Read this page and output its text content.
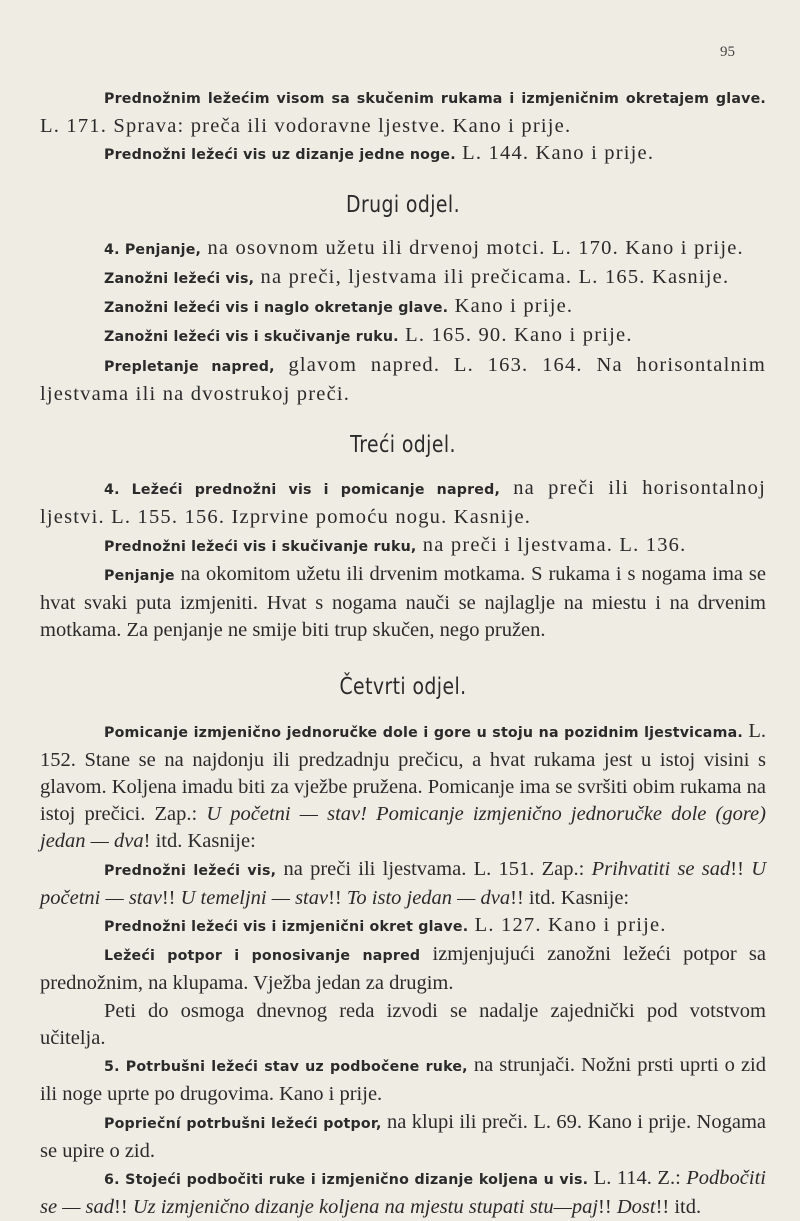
95

Prednožnim ležećim visom sa skučenim rukama i izmjeničnim okretajem glave. L. 171. Sprava: preča ili vodoravne ljestve. Kano i prije.

Prednožni ležeći vis uz dizanje jedne noge. L. 144. Kano i prije.

Drugi odjel.

4. Penjanje, na osovnom užetu ili drvenoj motci. L. 170. Kano i prije.

Zanožni ležeći vis, na preči, ljestvama ili prečicama. L. 165. Kasnije.

Zanožni ležeći vis i naglo okretanje glave. Kano i prije.

Zanožni ležeći vis i skučivanje ruku. L. 165. 90. Kano i prije.

Prepletanje napred, glavom napred. L. 163. 164. Na horisontalnim ljestvama ili na dvostrukoj preči.

Treći odjel.

4. Ležeći prednožni vis i pomicanje napred, na preči ili horisontalnoj ljestvi. L. 155. 156. Izprvine pomoću nogu. Kasnije.

Prednožni ležeći vis i skučivanje ruku, na preči i ljestvama. L. 136.

Penjanje na okomitom užetu ili drvenim motkama. S rukama i s nogama ima se hvat svaki puta izmjeniti. Hvat s nogama nauči se najlaglje na miestu i na drvenim motkama. Za penjanje ne smije biti trup skučen, nego pružen.

Četvrti odjel.

Pomicanje izmjenično jednoručke dole i gore u stoju na pozidnim ljestvicama. L. 152. Stane se na najdonju ili predzadnju prečicu, a hvat rukama jest u istoj visini s glavom. Koljena imadu biti za vježbe pružena. Pomicanje ima se svršiti obim rukama na istoj prečici. Zap.: U početni — stav! Pomicanje izmjenično jednoručke dole (gore) jedan — dva! itd. Kasnije:

Prednožni ležeći vis, na preči ili ljestvama. L. 151. Zap.: Prihvatiti se sad!! U početni — stav!! U temeljni — stav!! To isto jedan — dva!! itd. Kasnije:

Prednožni ležeći vis i izmjenični okret glave. L. 127. Kano i prije.

Ležeći potpor i ponosivanje napred izmjenjujući zanožni ležeći potpor sa prednožnim, na klupama. Vježba jedan za drugim.

Peti do osmoga dnevnog reda izvodi se nadalje zajednički pod votstvom učitelja.

5. Potrbušni ležeći stav uz podbočene ruke, na strunjači. Nožni prsti uprti o zid ili noge uprte po drugovima. Kano i prije.

Poprieční potrbušni ležeći potpor, na klupi ili preči. L. 69. Kano i prije. Nogama se upire o zid.

6. Stojeći podbočiti ruke i izmjenično dizanje koljena u vis. L. 114. Z.: Podbočiti se — sad!! Uz izmjenično dizanje koljena na mjestu stupati stu—paj!! Dost!! itd.
